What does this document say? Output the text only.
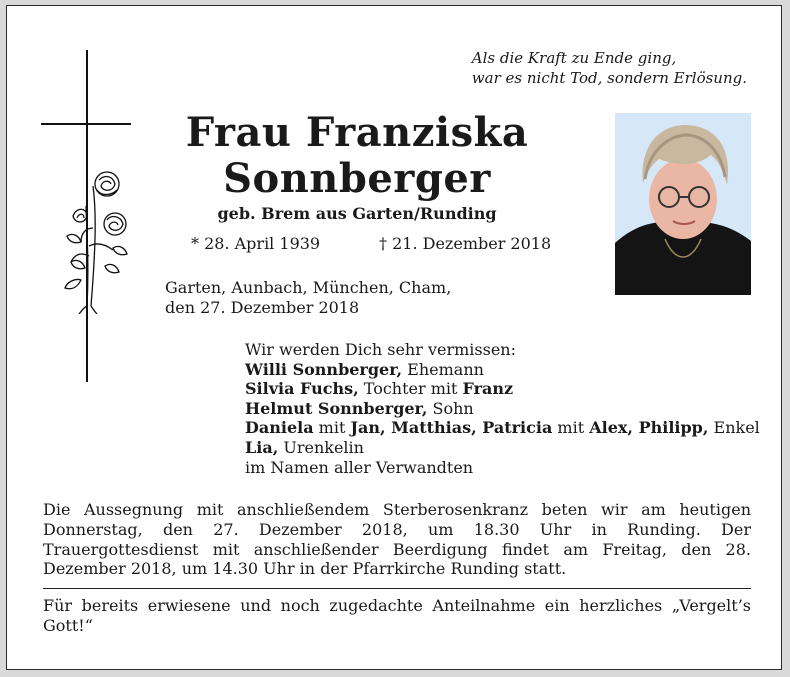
Als die Kraft zu Ende ging,
war es nicht Tod, sondern Erlösung.
Frau Franziska
Sonnberger
geb. Brem aus Garten/Runding
* 28. April 1939	† 21. Dezember 2018
Garten, Aunbach, München, Cham,
den 27. Dezember 2018
Wir werden Dich sehr vermissen:
Willi Sonnberger, Ehemann
Silvia Fuchs, Tochter mit Franz
Helmut Sonnberger, Sohn
Daniela mit Jan, Matthias, Patricia mit Alex, Philipp, Enkel
Lia, Urenkelin
im Namen aller Verwandten
Die Aussegnung mit anschließendem Sterberosenkranz beten wir am heutigen Donnerstag, den 27. Dezember 2018, um 18.30 Uhr in Runding. Der Trauergottesdienst mit anschließender Beerdigung findet am Freitag, den 28. Dezember 2018, um 14.30 Uhr in der Pfarrkirche Runding statt.
Für bereits erwiesene und noch zugedachte Anteilnahme ein herzliches „Vergelt’s Gott!“
